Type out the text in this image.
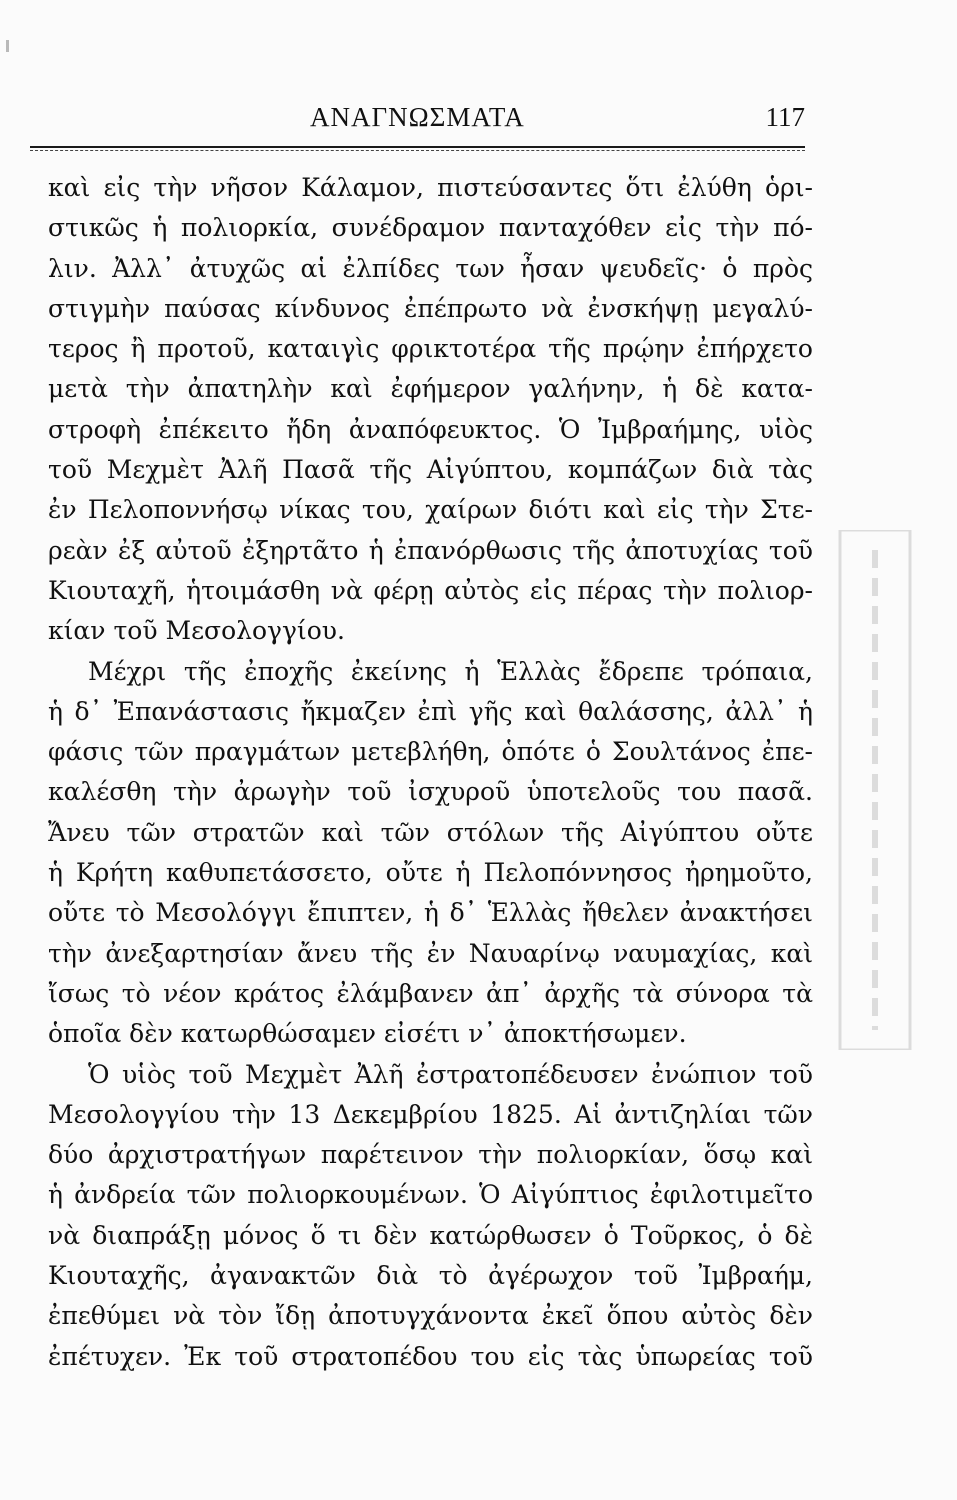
ΑΝΑΓΝΩΣΜΑΤΑ	117
καὶ εἰς τὴν νῆσον Κάλαμον, πιστεύσαντες ὅτι ἐλύθη ὁρι-
στικῶς ἡ πολιορκία, συνέδραμον πανταχόθεν εἰς τὴν πό-
λιν. Ἀλλ᾽ ἀτυχῶς αἱ ἐλπίδες των ἦσαν ψευδεῖς· ὁ πρὸς
στιγμὴν παύσας κίνδυνος ἐπέπρωτο νὰ ἐνσκήψῃ μεγαλύ-
τερος ἢ προτοῦ, καταιγὶς φρικτοτέρα τῆς πρῴην ἐπήρχετο
μετὰ τὴν ἀπατηλὴν καὶ ἐφήμερον γαλήνην, ἡ δὲ κατα-
στροφὴ ἐπέκειτο ἤδη ἀναπόφευκτος. Ὁ Ἰμβραήμης, υἱὸς
τοῦ Μεχμὲτ Ἀλῆ Πασᾶ τῆς Αἰγύπτου, κομπάζων διὰ τὰς
ἐν Πελοποννήσῳ νίκας του, χαίρων διότι καὶ εἰς τὴν Στε-
ρεὰν ἐξ αὐτοῦ ἐξηρτᾶτο ἡ ἐπανόρθωσις τῆς ἀποτυχίας τοῦ
Κιουταχῆ, ἡτοιμάσθη νὰ φέρῃ αὐτὸς εἰς πέρας τὴν πολιορ-
κίαν τοῦ Μεσολογγίου.
Μέχρι τῆς ἐποχῆς ἐκείνης ἡ Ἑλλὰς ἔδρεπε τρόπαια,
ἡ δ᾽ Ἐπανάστασις ἤκμαζεν ἐπὶ γῆς καὶ θαλάσσης, ἀλλ᾽ ἡ
φάσις τῶν πραγμάτων μετεβλήθη, ὁπότε ὁ Σουλτάνος ἐπε-
καλέσθη τὴν ἀρωγὴν τοῦ ἰσχυροῦ ὑποτελοῦς του πασᾶ.
Ἄνευ τῶν στρατῶν καὶ τῶν στόλων τῆς Αἰγύπτου οὔτε
ἡ Κρήτη καθυπετάσσετο, οὔτε ἡ Πελοπόννησος ἠρημοῦτο,
οὔτε τὸ Μεσολόγγι ἔπιπτεν, ἡ δ᾽ Ἑλλὰς ἤθελεν ἀνακτήσει
τὴν ἀνεξαρτησίαν ἄνευ τῆς ἐν Ναυαρίνῳ ναυμαχίας, καὶ
ἴσως τὸ νέον κράτος ἐλάμβανεν ἀπ᾽ ἀρχῆς τὰ σύνορα τὰ
ὁποῖα δὲν κατωρθώσαμεν εἰσέτι ν᾽ ἀποκτήσωμεν.
Ὁ υἱὸς τοῦ Μεχμὲτ Ἀλῆ ἐστρατοπέδευσεν ἐνώπιον τοῦ
Μεσολογγίου τὴν 13 Δεκεμβρίου 1825. Αἱ ἀντιζηλίαι τῶν
δύο ἀρχιστρατήγων παρέτεινον τὴν πολιορκίαν, ὅσῳ καὶ
ἡ ἀνδρεία τῶν πολιορκουμένων. Ὁ Αἰγύπτιος ἐφιλοτιμεῖτο
νὰ διαπράξῃ μόνος ὅ τι δὲν κατώρθωσεν ὁ Τοῦρκος, ὁ δὲ
Κιουταχῆς, ἀγανακτῶν διὰ τὸ ἀγέρωχον τοῦ Ἰμβραήμ,
ἐπεθύμει νὰ τὸν ἴδῃ ἀποτυγχάνοντα ἐκεῖ ὅπου αὐτὸς δὲν
ἐπέτυχεν. Ἐκ τοῦ στρατοπέδου του εἰς τὰς ὑπωρείας τοῦ
